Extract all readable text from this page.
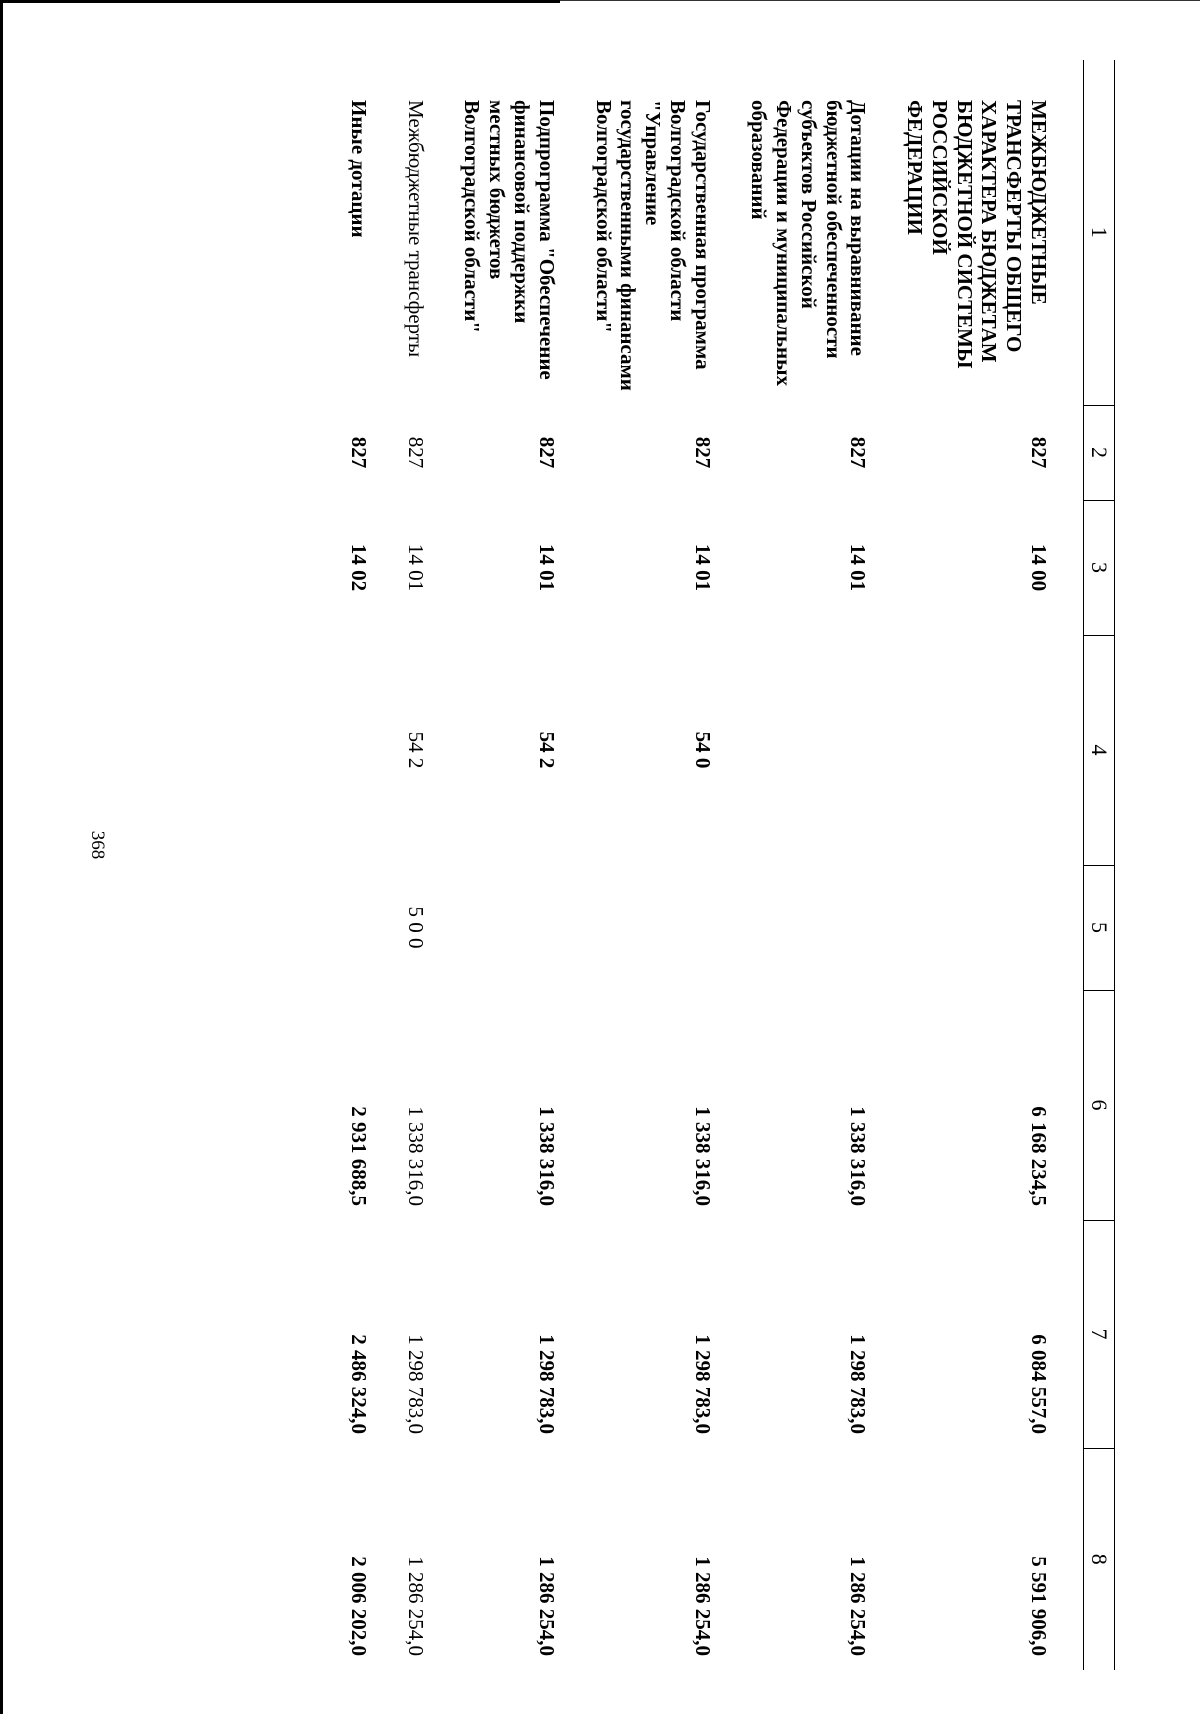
368
1	2	3	4	5	6	7	8
МЕЖБЮДЖЕТНЫЕ ТРАНСФЕРТЫ ОБЩЕГО ХАРАКТЕРА БЮДЖЕТАМ БЮДЖЕТНОЙ СИСТЕМЫ РОССИЙСКОЙ ФЕДЕРАЦИИ	827	14 00			6 168 234,5	6 084 557,0	5 591 906,0
Дотации на выравнивание бюджетной обеспеченности субъектов Российской Федерации и муниципальных образований	827	14 01			1 338 316,0	1 298 783,0	1 286 254,0
Государственная программа Волгоградской области "Управление государственными финансами Волгоградской области"	827	14 01	54 0		1 338 316,0	1 298 783,0	1 286 254,0
Подпрограмма "Обеспечение финансовой поддержки местных бюджетов Волгоградской области"	827	14 01	54 2		1 338 316,0	1 298 783,0	1 286 254,0
Межбюджетные трансферты	827	14 01	54 2	5 0 0	1 338 316,0	1 298 783,0	1 286 254,0
Иные дотации	827	14 02			2 931 688,5	2 486 324,0	2 006 202,0
